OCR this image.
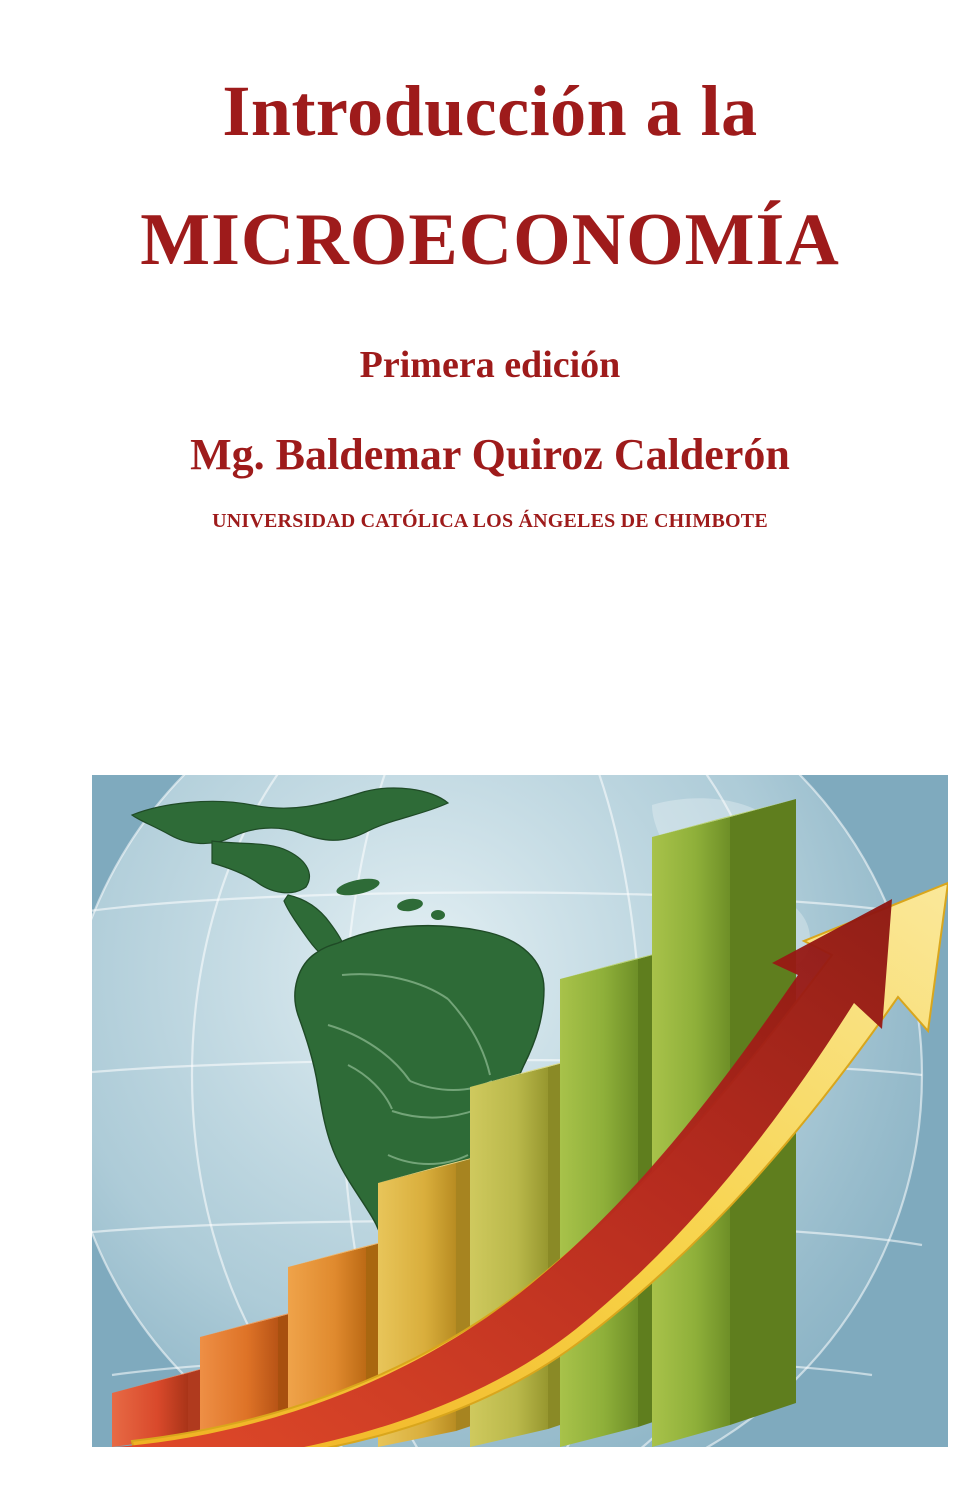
Introducción a la
MICROECONOMÍA
Primera edición
Mg. Baldemar Quiroz Calderón
UNIVERSIDAD CATÓLICA LOS ÁNGELES DE CHIMBOTE
